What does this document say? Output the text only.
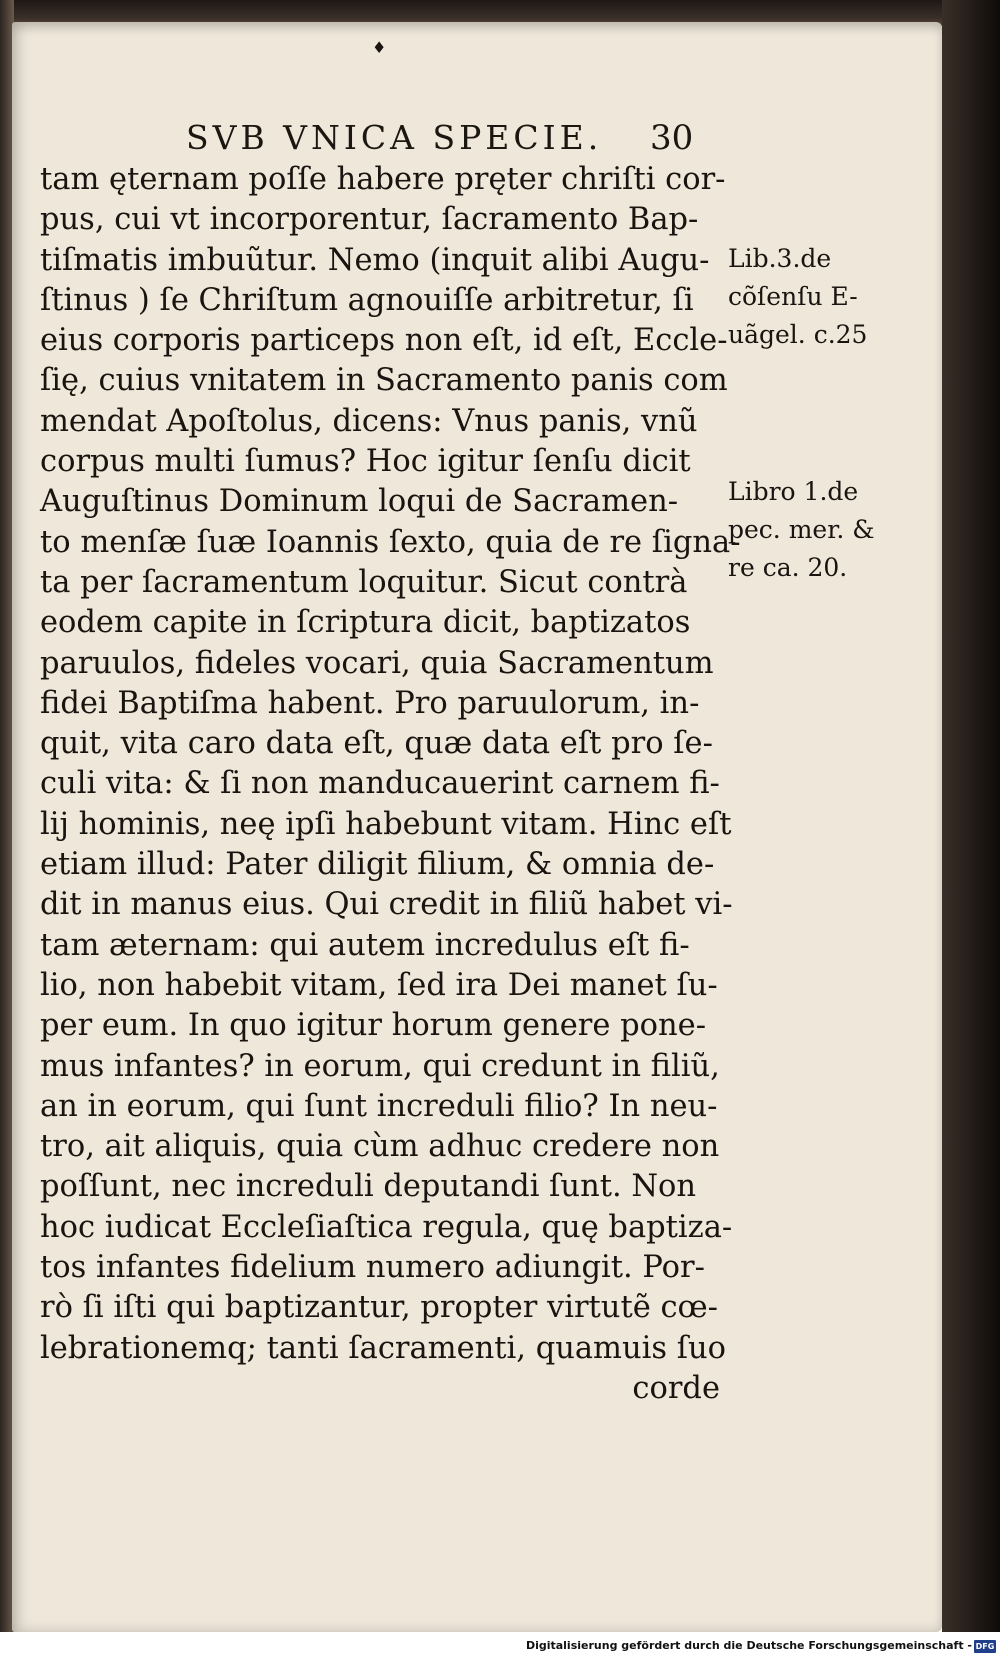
♦
SVB VNICA SPECIE. 30
tam ęternam poſſe habere pręter chriſti cor-
pus, cui vt incorporentur, ſacramento Bap-
tiſmatis imbuũtur. Nemo (inquit alibi Augu-
ſtinus ) ſe Chriſtum agnouiſſe arbitretur, ſi
eius corporis particeps non eſt, id eſt, Eccle-
ſię, cuius vnitatem in Sacramento panis com
mendat Apoſtolus, dicens: Vnus panis, vnũ
corpus multi ſumus? Hoc igitur ſenſu dicit
Auguſtinus Dominum loqui de Sacramen-
to menſæ ſuæ Ioannis ſexto, quia de re ſigna-
ta per ſacramentum loquitur. Sicut contrà
eodem capite in ſcriptura dicit, baptizatos
paruulos, fideles vocari, quia Sacramentum
fidei Baptiſma habent. Pro paruulorum, in-
quit, vita caro data eſt, quæ data eſt pro ſe-
culi vita: & ſi non manducauerint carnem fi-
lij hominis, neę ipſi habebunt vitam. Hinc eſt
etiam illud: Pater diligit filium, & omnia de-
dit in manus eius. Qui credit in filiũ habet vi-
tam æternam: qui autem incredulus eſt fi-
lio, non habebit vitam, ſed ira Dei manet ſu-
per eum. In quo igitur horum genere pone-
mus infantes? in eorum, qui credunt in filiũ,
an in eorum, qui ſunt increduli filio? In neu-
tro, ait aliquis, quia cùm adhuc credere non
poſſunt, nec increduli deputandi ſunt. Non
hoc iudicat Eccleſiaſtica regula, quę baptiza-
tos infantes fidelium numero adiungit. Por-
rò ſi iſti qui baptizantur, propter virtutẽ cœ-
lebrationemq; tanti ſacramenti, quamuis ſuo
corde
Lib.3.de
cõſenſu E-
uãgel. c.25
Libro 1.de
pec. mer. &
re ca. 20.
Digitalisierung gefördert durch die Deutsche Forschungsgemeinschaft - DFG
